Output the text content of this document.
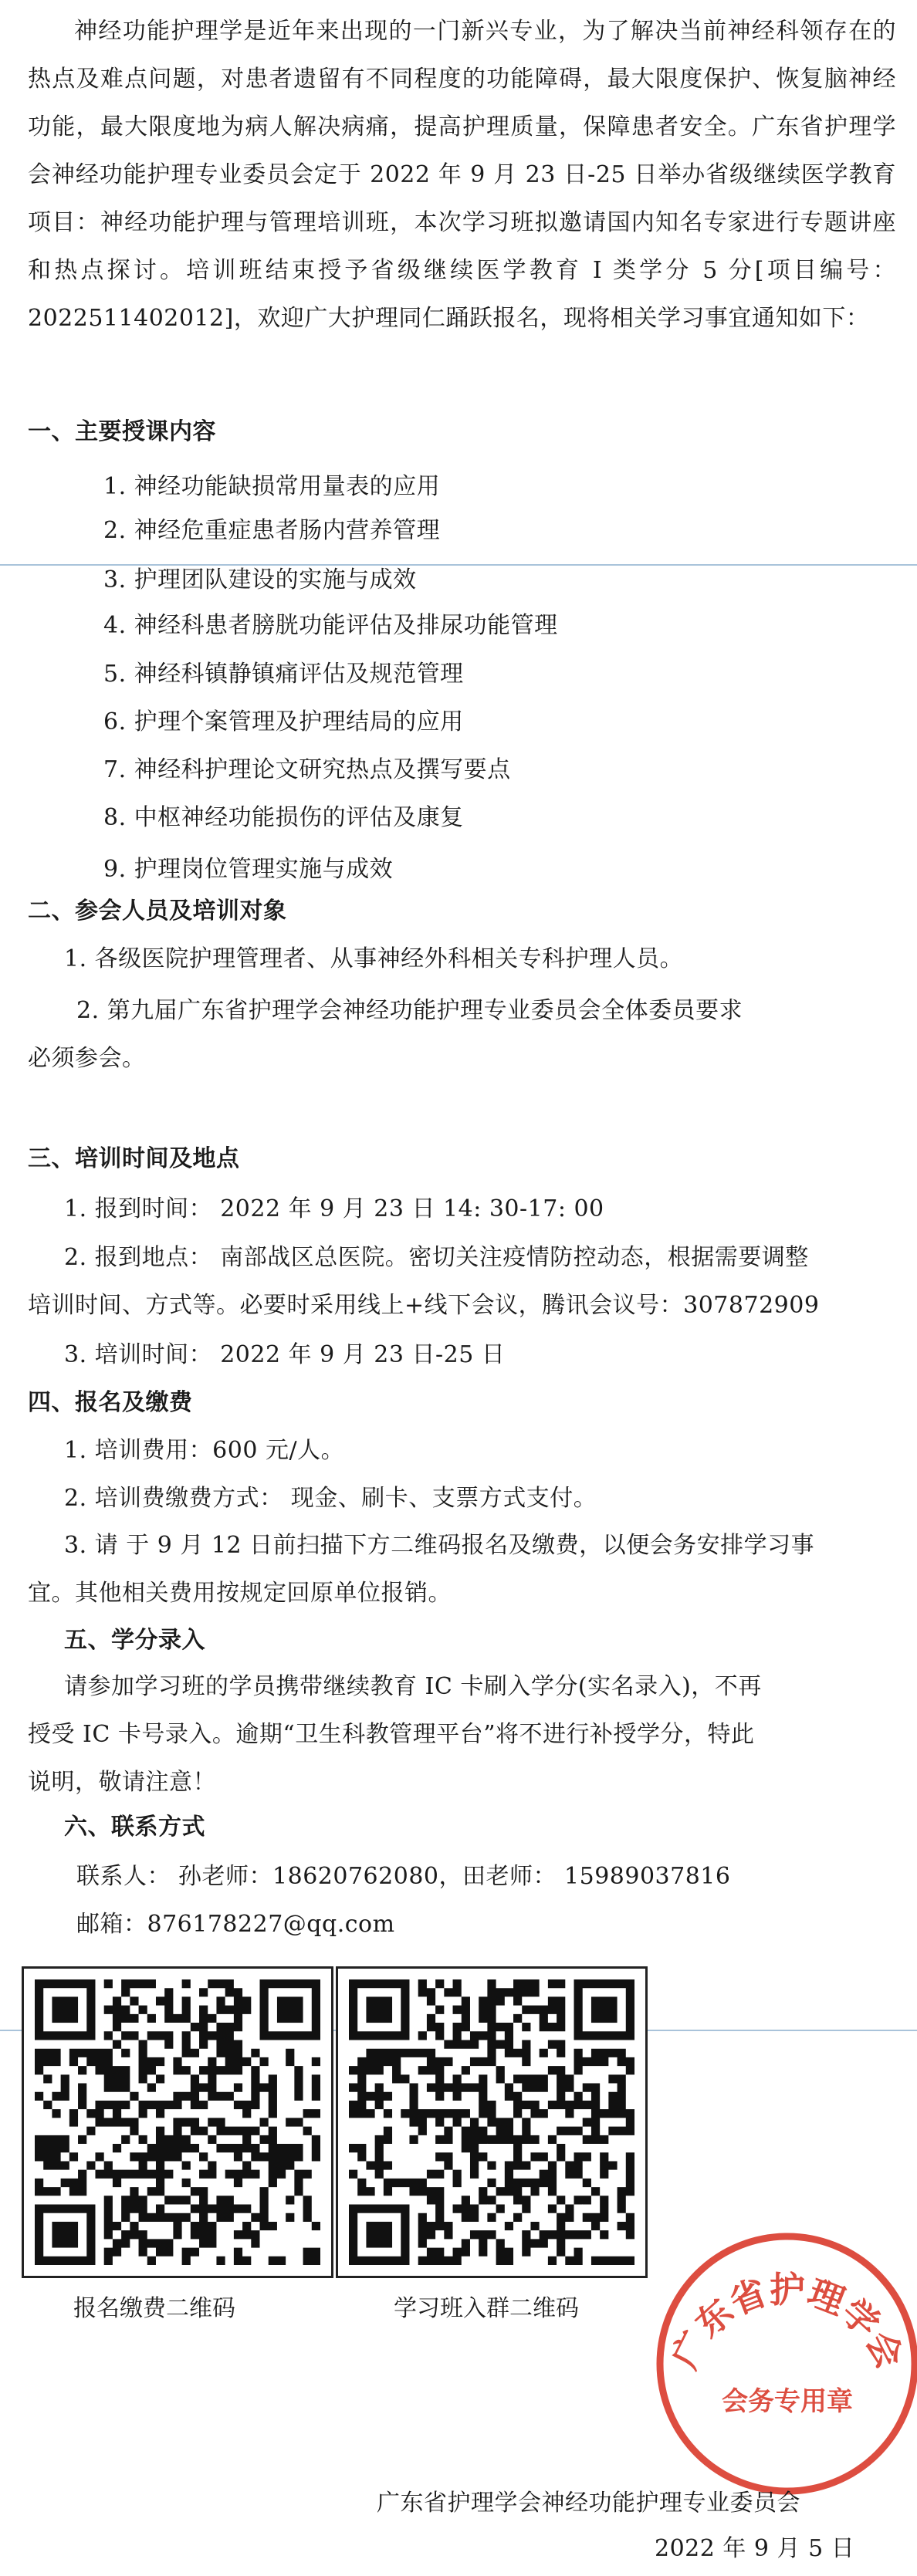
神经功能护理学是近年来出现的一门新兴专业，为了解决当前神经科领存在的热点及难点问题，对患者遗留有不同程度的功能障碍，最大限度保护、恢复脑神经功能，最大限度地为病人解决病痛，提高护理质量，保障患者安全。广东省护理学会神经功能护理专业委员会定于 2022 年 9 月 23 日-25 日举办省级继续医学教育项目：神经功能护理与管理培训班，本次学习班拟邀请国内知名专家进行专题讲座和热点探讨。培训班结束授予省级继续医学教育 I 类学分 5 分[项目编号：2022511402012]，欢迎广大护理同仁踊跃报名，现将相关学习事宜通知如下：

一、主要授课内容
1. 神经功能缺损常用量表的应用
2. 神经危重症患者肠内营养管理
3. 护理团队建设的实施与成效
4. 神经科患者膀胱功能评估及排尿功能管理
5. 神经科镇静镇痛评估及规范管理
6. 护理个案管理及护理结局的应用
7. 神经科护理论文研究热点及撰写要点
8. 中枢神经功能损伤的评估及康复
9. 护理岗位管理实施与成效
二、参会人员及培训对象
1. 各级医院护理管理者、从事神经外科相关专科护理人员。
2. 第九届广东省护理学会神经功能护理专业委员会全体委员要求
必须参会。
三、培训时间及地点
1. 报到时间： 2022 年 9 月 23 日 14: 30-17: 00
2. 报到地点： 南部战区总医院。密切关注疫情防控动态，根据需要调整
培训时间、方式等。必要时采用线上+线下会议，腾讯会议号：307872909
3. 培训时间： 2022 年 9 月 23 日-25 日
四、报名及缴费
1. 培训费用：600 元/人。
2. 培训费缴费方式： 现金、刷卡、支票方式支付。
3. 请 于 9 月 12 日前扫描下方二维码报名及缴费，以便会务安排学习事
宜。其他相关费用按规定回原单位报销。
五、学分录入
请参加学习班的学员携带继续教育 IC 卡刷入学分(实名录入)，不再
授受 IC 卡号录入。逾期“卫生科教管理平台”将不进行补授学分，特此
说明，敬请注意！
六、联系方式
联系人： 孙老师：18620762080，田老师： 15989037816
邮箱：876178227@qq.com
报名缴费二维码	学习班入群二维码
广东省护理学会
会务专用章
广东省护理学会神经功能护理专业委员会
2022 年 9 月 5 日
